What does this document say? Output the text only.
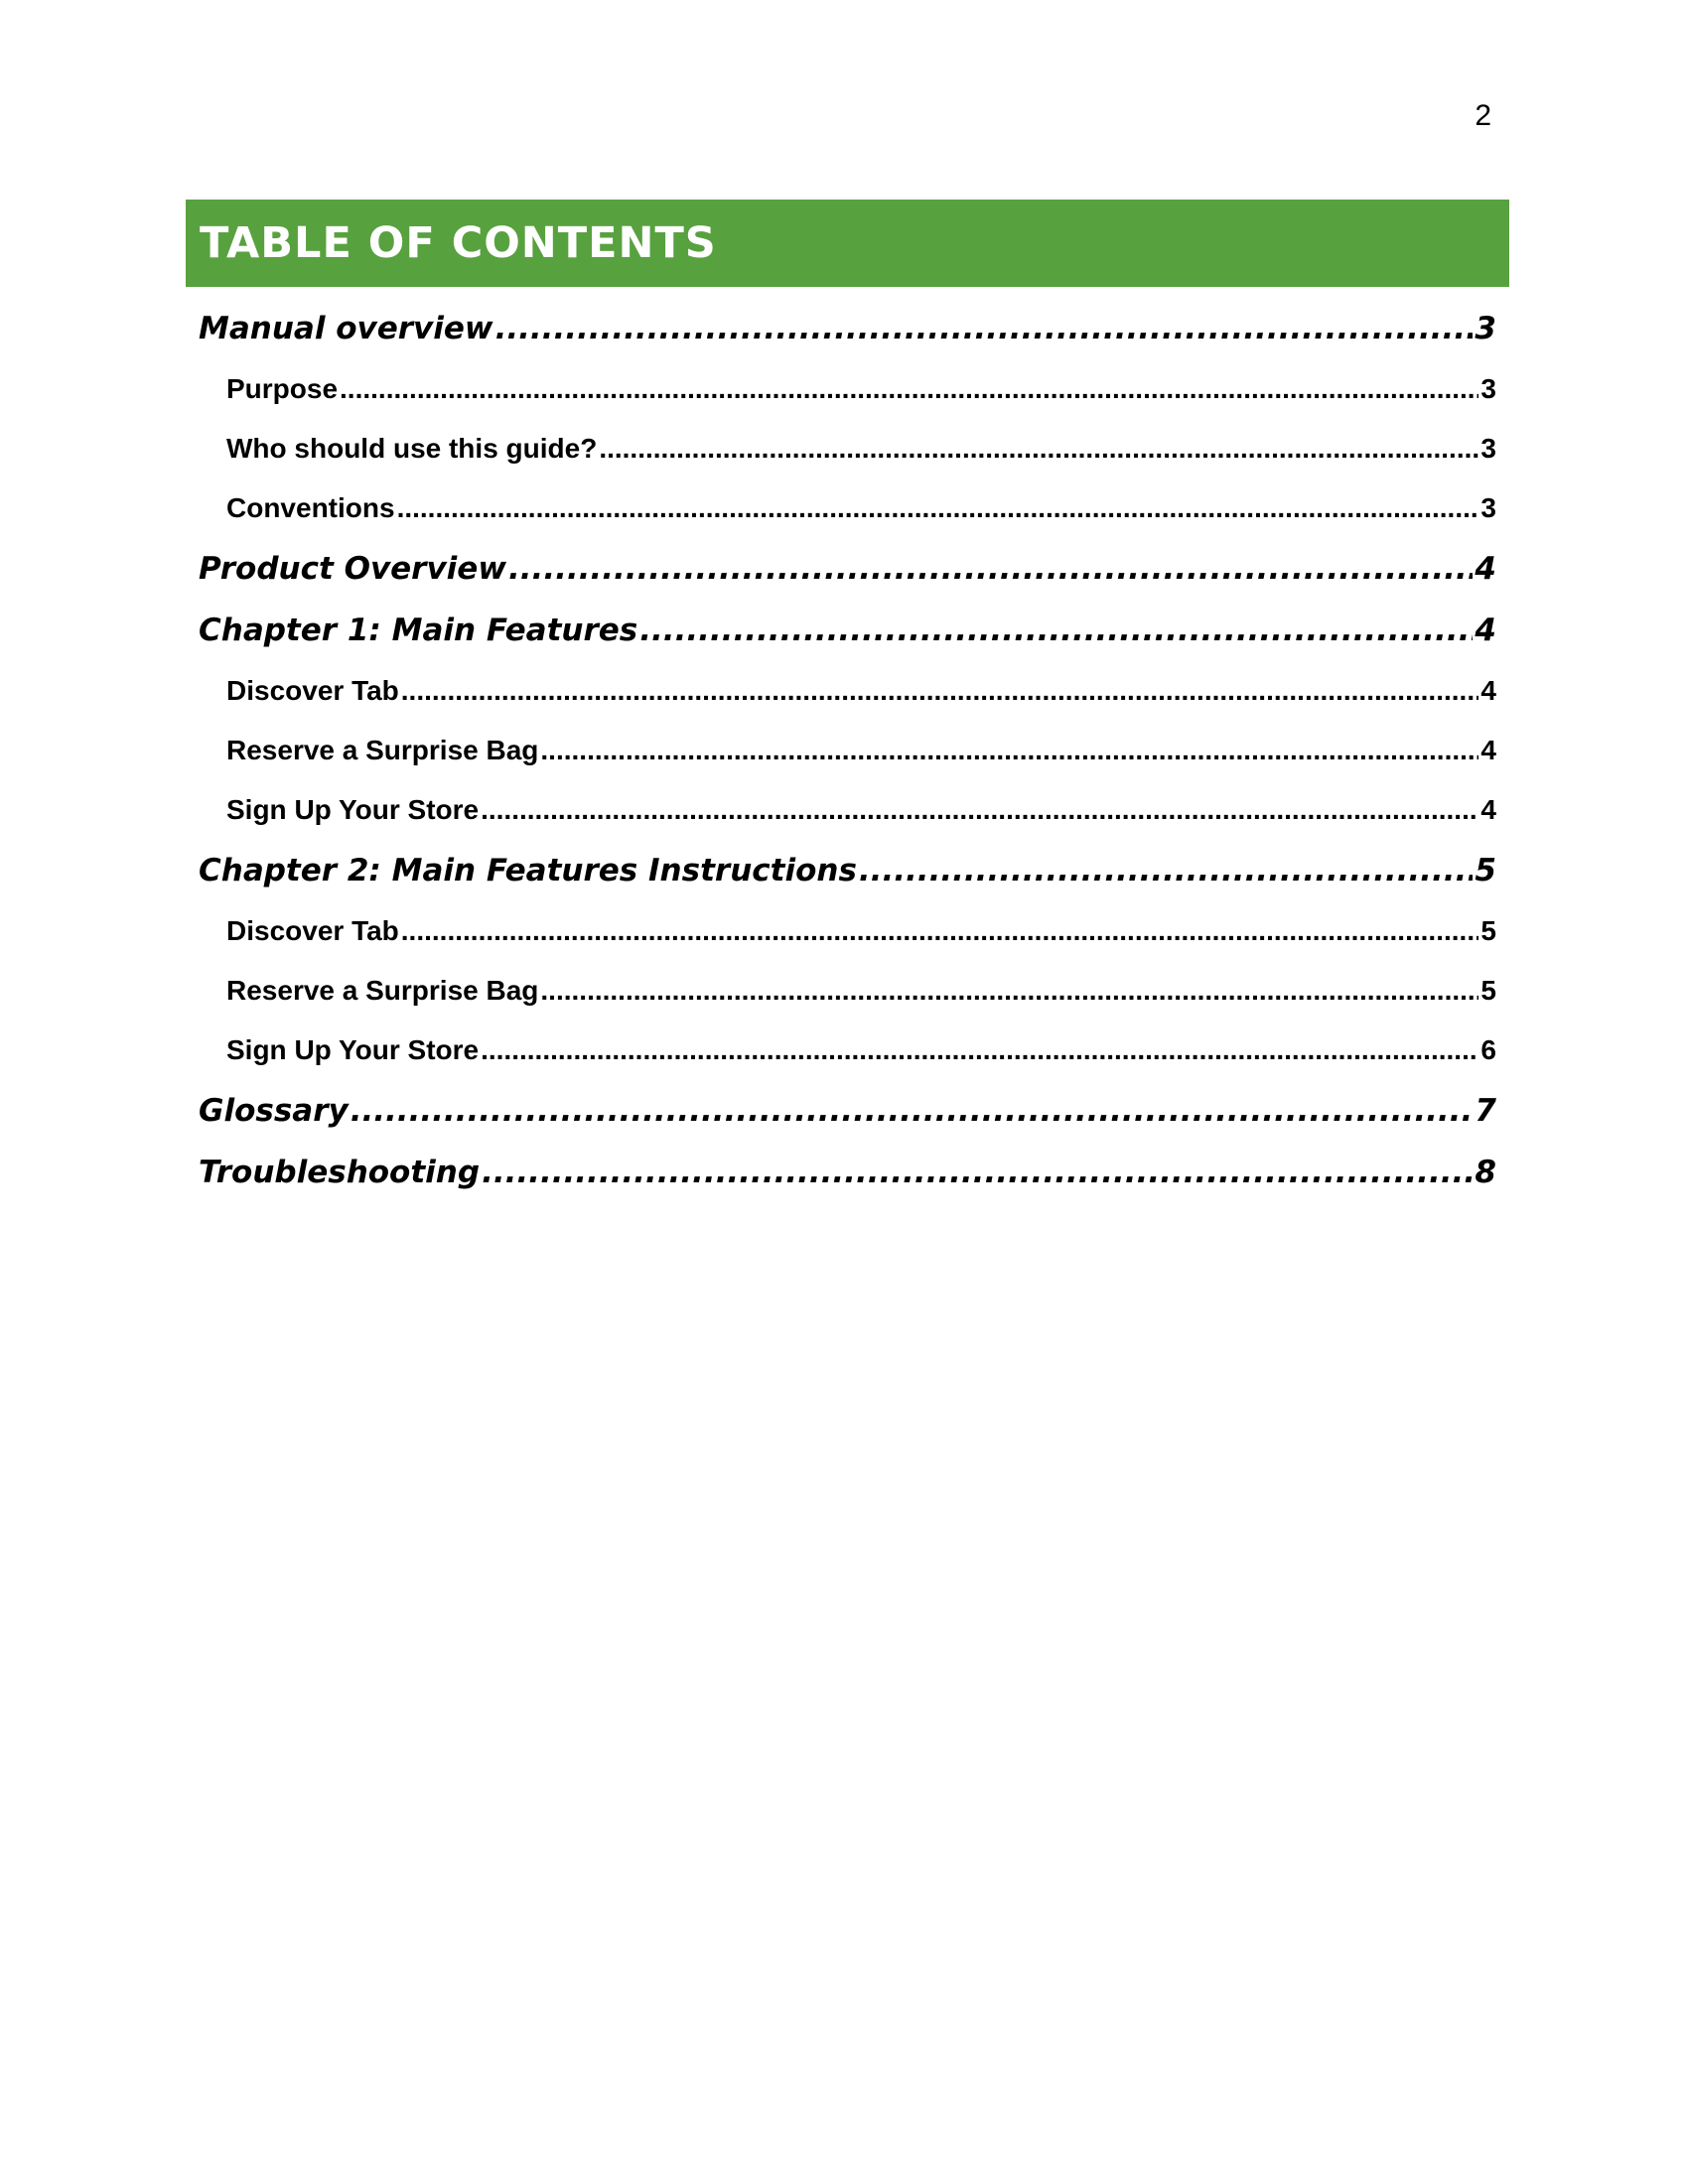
2
TABLE OF CONTENTS
Manual overview .....	3
Purpose .....	3
Who should use this guide? .....	3
Conventions .....	3
Product Overview .....	4
Chapter 1: Main Features .....	4
Discover Tab .....	4
Reserve a Surprise Bag .....	4
Sign Up Your Store .....	4
Chapter 2: Main Features Instructions .....	5
Discover Tab .....	5
Reserve a Surprise Bag .....	5
Sign Up Your Store .....	6
Glossary .....	7
Troubleshooting .....	8
